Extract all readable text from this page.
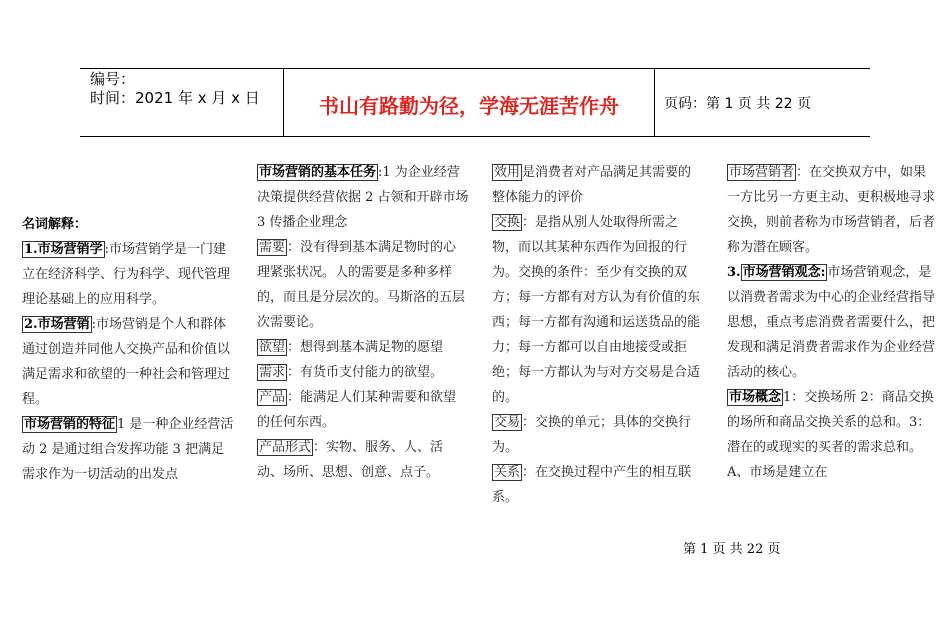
编号：
时间：2021 年 x 月 x 日	书山有路勤为径，学海无涯苦作舟	页码：第 1 页 共 22 页

名词解释：

1.市场营销学 :市场营销学是一门建立在经济科学、行为科学、现代管理理论基础上的应用科学。

2.市场营销 :市场营销是个人和群体通过创造并同他人交换产品和价值以满足需求和欲望的一种社会和管理过程。

市场营销的特征 1 是一种企业经营活动 2 是通过组合发挥功能 3 把满足需求作为一切活动的出发点

市场营销的基本任务 :1 为企业经营决策提供经营依据 2 占领和开辟市场 3 传播企业理念

需要 ：没有得到基本满足物时的心理紧张状况。人的需要是多种多样的，而且是分层次的。马斯洛的五层次需要论。

欲望 ：想得到基本满足物的愿望

需求 ：有货币支付能力的欲望。

产品 ：能满足人们某种需要和欲望的任何东西。

产品形式 ：实物、服务、人、活动、场所、思想、创意、点子。

效用 是消费者对产品满足其需要的整体能力的评价

交换 ：是指从别人处取得所需之物，而以其某种东西作为回报的行为。交换的条件：至少有交换的双方；每一方都有对方认为有价值的东西；每一方都有沟通和运送货品的能力；每一方都可以自由地接受或拒绝；每一方都认为与对方交易是合适的。

交易 ：交换的单元；具体的交换行为。

关系 ：在交换过程中产生的相互联系。

市场营销者 ：在交换双方中，如果一方比另一方更主动、更积极地寻求交换，则前者称为市场营销者，后者称为潜在顾客。

3. 市场营销观念: 市场营销观念，是以消费者需求为中心的企业经营指导思想，重点考虑消费者需要什么，把发现和满足消费者需求作为企业经营活动的核心。

市场概念 1：交换场所 2：商品交换的场所和商品交换关系的总和。3：潜在的或现实的买者的需求总和。A、市场是建立在

第 1 页 共 22 页
